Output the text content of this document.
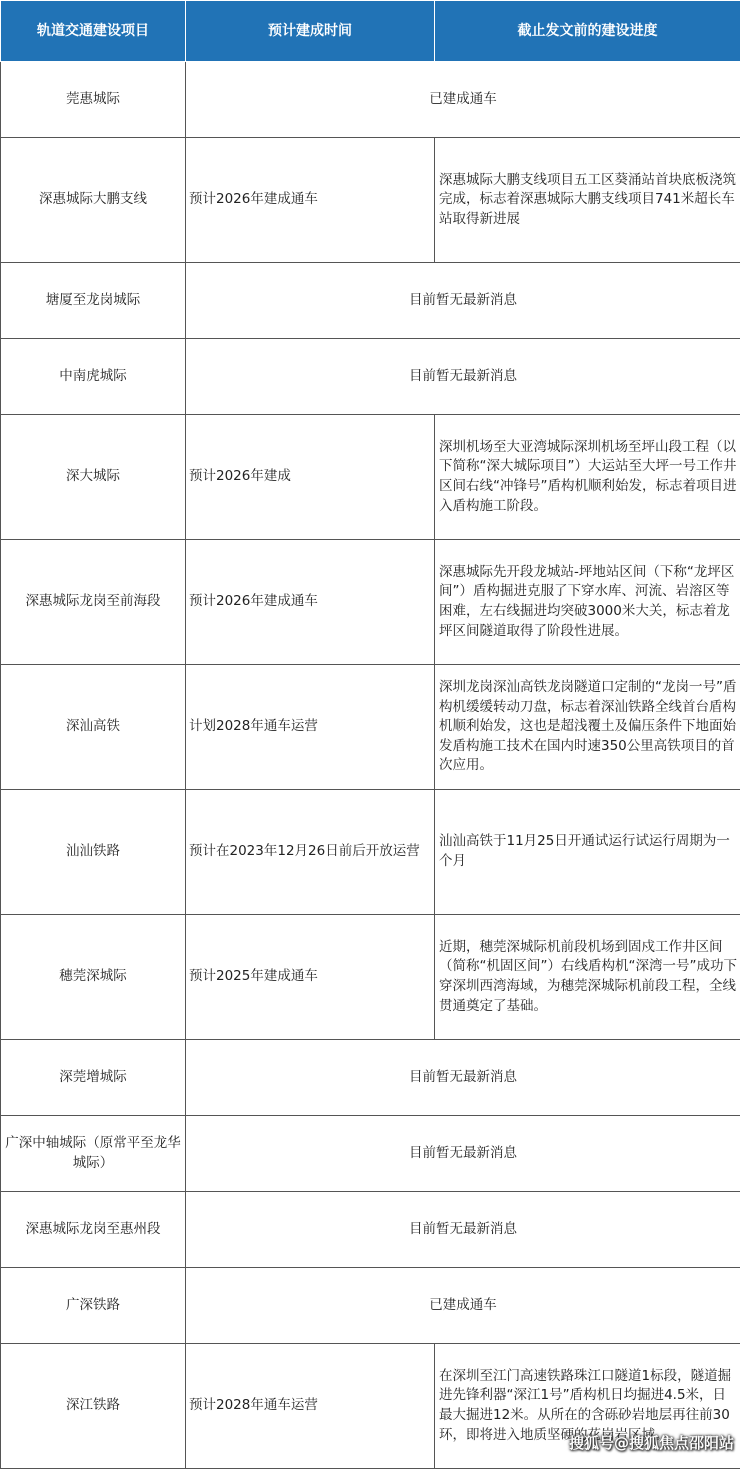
轨道交通建设项目	预计建成时间	截止发文前的建设进度
莞惠城际	已建成通车	
深惠城际大鹏支线	预计2026年建成通车	深惠城际大鹏支线项目五工区葵涌站首块底板浇筑完成，标志着深惠城际大鹏支线项目741米超长车站取得新进展
塘厦至龙岗城际	目前暂无最新消息	
中南虎城际	目前暂无最新消息	
深大城际	预计2026年建成	深圳机场至大亚湾城际深圳机场至坪山段工程（以下简称“深大城际项目”）大运站至大坪一号工作井区间右线“冲锋号”盾构机顺利始发，标志着项目进入盾构施工阶段。
深惠城际龙岗至前海段	预计2026年建成通车	深惠城际先开段龙城站-坪地站区间（下称“龙坪区间”）盾构掘进克服了下穿水库、河流、岩溶区等困难，左右线掘进均突破3000米大关，标志着龙坪区间隧道取得了阶段性进展。
深汕高铁	计划2028年通车运营	深圳龙岗深汕高铁龙岗隧道口定制的“龙岗一号”盾构机缓缓转动刀盘，标志着深汕铁路全线首台盾构机顺利始发，这也是超浅覆土及偏压条件下地面始发盾构施工技术在国内时速350公里高铁项目的首次应用。
汕汕铁路	预计在2023年12月26日前后开放运营	汕汕高铁于11月25日开通试运行试运行周期为一个月
穗莞深城际	预计2025年建成通车	近期，穗莞深城际机前段机场到固戍工作井区间（简称“机固区间”）右线盾构机“深湾一号”成功下穿深圳西湾海域，为穗莞深城际机前段工程，全线贯通奠定了基础。
深莞增城际	目前暂无最新消息	
广深中轴城际（原常平至龙华城际）	目前暂无最新消息	
深惠城际龙岗至惠州段	目前暂无最新消息	
广深铁路	已建成通车	
深江铁路	预计2028年通车运营	在深圳至江门高速铁路珠江口隧道1标段，隧道掘进先锋利器“深江1号”盾构机日均掘进4.5米，日最大掘进12米。从所在的含砾砂岩地层再往前30环，即将进入地质坚硬的花岗岩区域。
搜狐号@搜狐焦点邵阳站
